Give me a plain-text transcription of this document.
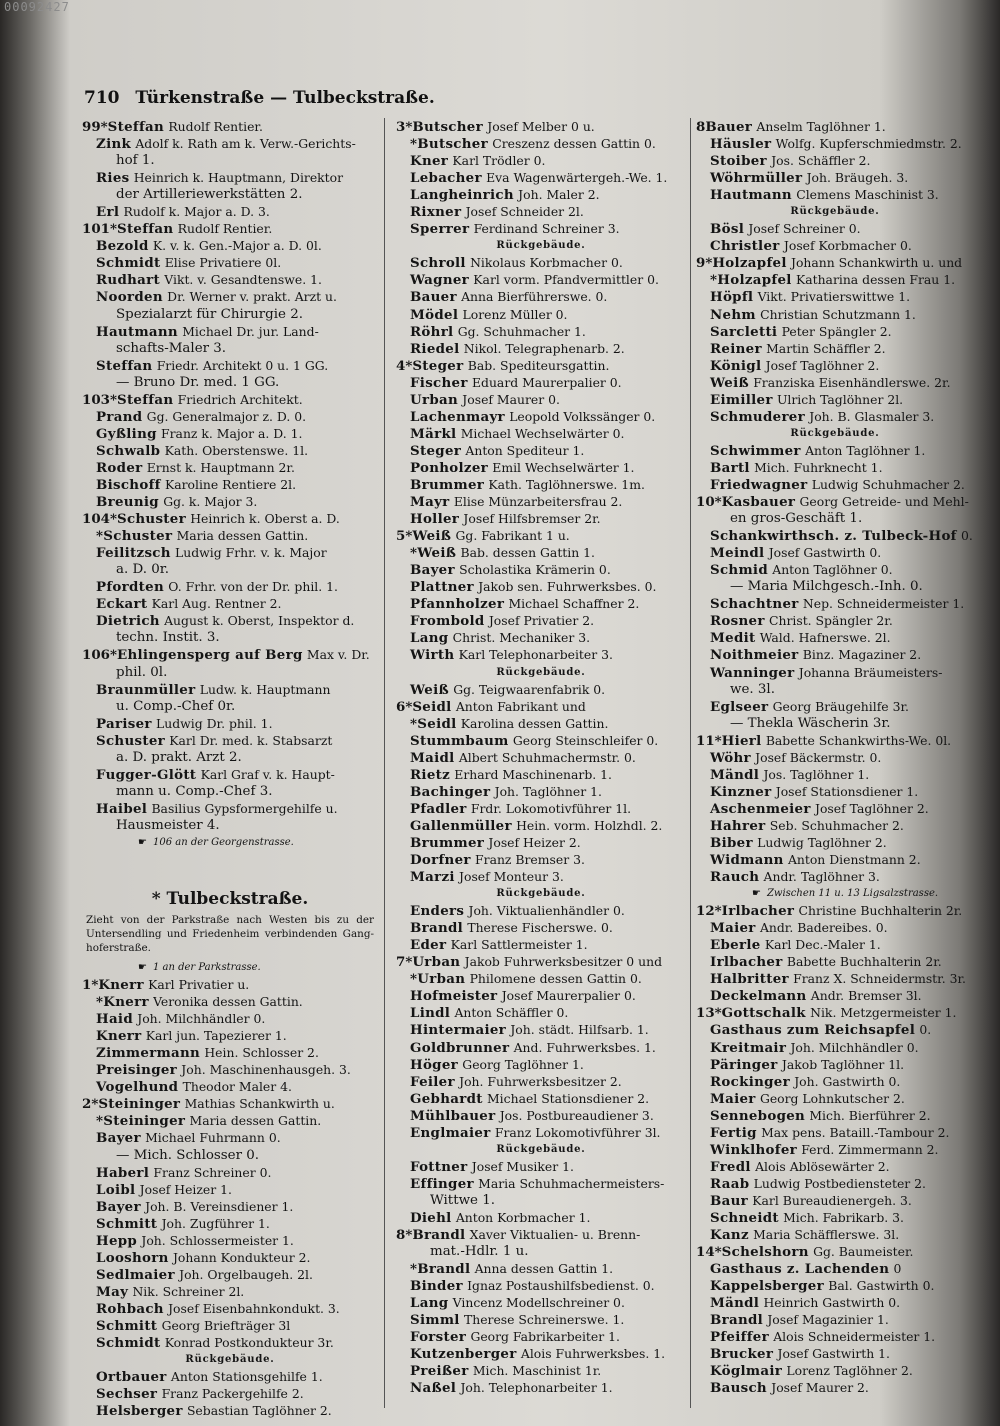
00092427
710 Türkenstraße — Tulbeckstraße.
99*Steffan Rudolf Rentier.
Zink Adolf k. Rath am k. Verw.-Gerichts-
hof 1.
Ries Heinrich k. Hauptmann, Direktor
der Artilleriewerkstätten 2.
Erl Rudolf k. Major a. D. 3.
101*Steffan Rudolf Rentier.
Bezold K. v. k. Gen.-Major a. D. 0l.
Schmidt Elise Privatiere 0l.
Rudhart Vikt. v. Gesandtenswe. 1.
Noorden Dr. Werner v. prakt. Arzt u.
Spezialarzt für Chirurgie 2.
Hautmann Michael Dr. jur. Land-
schafts-Maler 3.
Steffan Friedr. Architekt 0 u. 1 GG.
— Bruno Dr. med. 1 GG.
103*Steffan Friedrich Architekt.
Prand Gg. Generalmajor z. D. 0.
Gyßling Franz k. Major a. D. 1.
Schwalb Kath. Oberstenswe. 1l.
Roder Ernst k. Hauptmann 2r.
Bischoff Karoline Rentiere 2l.
Breunig Gg. k. Major 3.
104*Schuster Heinrich k. Oberst a. D.
*Schuster Maria dessen Gattin.
Feilitzsch Ludwig Frhr. v. k. Major
a. D. 0r.
Pfordten O. Frhr. von der Dr. phil. 1.
Eckart Karl Aug. Rentner 2.
Dietrich August k. Oberst, Inspektor d.
techn. Instit. 3.
106*Ehlingensperg auf Berg Max v. Dr.
phil. 0l.
Braunmüller Ludw. k. Hauptmann
u. Comp.-Chef 0r.
Pariser Ludwig Dr. phil. 1.
Schuster Karl Dr. med. k. Stabsarzt
a. D. prakt. Arzt 2.
Fugger-Glött Karl Graf v. k. Haupt-
mann u. Comp.-Chef 3.
Haibel Basilius Gypsformergehilfe u.
Hausmeister 4.
☛ 106 an der Georgenstrasse.
* Tulbeckstraße.
Zieht von der Parkstraße nach Westen bis zu der Untersendling und Friedenheim verbindenden Gang-hoferstraße.
☛ 1 an der Parkstrasse.
1*Knerr Karl Privatier u.
*Knerr Veronika dessen Gattin.
Haid Joh. Milchhändler 0.
Knerr Karl jun. Tapezierer 1.
Zimmermann Hein. Schlosser 2.
Preisinger Joh. Maschinenhausgeh. 3.
Vogelhund Theodor Maler 4.
2*Steininger Mathias Schankwirth u.
*Steininger Maria dessen Gattin.
Bayer Michael Fuhrmann 0.
— Mich. Schlosser 0.
Haberl Franz Schreiner 0.
Loibl Josef Heizer 1.
Bayer Joh. B. Vereinsdiener 1.
Schmitt Joh. Zugführer 1.
Hepp Joh. Schlossermeister 1.
Looshorn Johann Kondukteur 2.
Sedlmaier Joh. Orgelbaugeh. 2l.
May Nik. Schreiner 2l.
Rohbach Josef Eisenbahnkondukt. 3.
Schmitt Georg Briefträger 3l
Schmidt Konrad Postkondukteur 3r.
Rückgebäude.
Ortbauer Anton Stationsgehilfe 1.
Sechser Franz Packergehilfe 2.
Helsberger Sebastian Taglöhner 2.
3*Butscher Josef Melber 0 u.
*Butscher Creszenz dessen Gattin 0.
Kner Karl Trödler 0.
Lebacher Eva Wagenwärtergeh.-We. 1.
Langheinrich Joh. Maler 2.
Rixner Josef Schneider 2l.
Sperrer Ferdinand Schreiner 3.
Rückgebäude.
Schroll Nikolaus Korbmacher 0.
Wagner Karl vorm. Pfandvermittler 0.
Bauer Anna Bierführerswe. 0.
Mödel Lorenz Müller 0.
Röhrl Gg. Schuhmacher 1.
Riedel Nikol. Telegraphenarb. 2.
4*Steger Bab. Spediteursgattin.
Fischer Eduard Maurerpalier 0.
Urban Josef Maurer 0.
Lachenmayr Leopold Volkssänger 0.
Märkl Michael Wechselwärter 0.
Steger Anton Spediteur 1.
Ponholzer Emil Wechselwärter 1.
Brummer Kath. Taglöhnerswe. 1m.
Mayr Elise Münzarbeitersfrau 2.
Holler Josef Hilfsbremser 2r.
5*Weiß Gg. Fabrikant 1 u.
*Weiß Bab. dessen Gattin 1.
Bayer Scholastika Krämerin 0.
Plattner Jakob sen. Fuhrwerksbes. 0.
Pfannholzer Michael Schaffner 2.
Frombold Josef Privatier 2.
Lang Christ. Mechaniker 3.
Wirth Karl Telephonarbeiter 3.
Rückgebäude.
Weiß Gg. Teigwaarenfabrik 0.
6*Seidl Anton Fabrikant und
*Seidl Karolina dessen Gattin.
Stummbaum Georg Steinschleifer 0.
Maidl Albert Schuhmachermstr. 0.
Rietz Erhard Maschinenarb. 1.
Bachinger Joh. Taglöhner 1.
Pfadler Frdr. Lokomotivführer 1l.
Gallenmüller Hein. vorm. Holzhdl. 2.
Brummer Josef Heizer 2.
Dorfner Franz Bremser 3.
Marzi Josef Monteur 3.
Rückgebäude.
Enders Joh. Viktualienhändler 0.
Brandl Therese Fischerswe. 0.
Eder Karl Sattlermeister 1.
7*Urban Jakob Fuhrwerksbesitzer 0 und
*Urban Philomene dessen Gattin 0.
Hofmeister Josef Maurerpalier 0.
Lindl Anton Schäffler 0.
Hintermaier Joh. städt. Hilfsarb. 1.
Goldbrunner And. Fuhrwerksbes. 1.
Höger Georg Taglöhner 1.
Feiler Joh. Fuhrwerksbesitzer 2.
Gebhardt Michael Stationsdiener 2.
Mühlbauer Jos. Postbureaudiener 3.
Englmaier Franz Lokomotivführer 3l.
Rückgebäude.
Fottner Josef Musiker 1.
Effinger Maria Schuhmachermeisters-
Wittwe 1.
Diehl Anton Korbmacher 1.
8*Brandl Xaver Viktualien- u. Brenn-
mat.-Hdlr. 1 u.
*Brandl Anna dessen Gattin 1.
Binder Ignaz Postaushilfsbedienst. 0.
Lang Vincenz Modellschreiner 0.
Simml Therese Schreinerswe. 1.
Forster Georg Fabrikarbeiter 1.
Kutzenberger Alois Fuhrwerksbes. 1.
Preißer Mich. Maschinist 1r.
Naßel Joh. Telephonarbeiter 1.
8Bauer Anselm Taglöhner 1.
Häusler Wolfg. Kupferschmiedmstr. 2.
Stoiber Jos. Schäffler 2.
Wöhrmüller Joh. Bräugeh. 3.
Hautmann Clemens Maschinist 3.
Rückgebäude.
Bösl Josef Schreiner 0.
Christler Josef Korbmacher 0.
9*Holzapfel Johann Schankwirth u. und
*Holzapfel Katharina dessen Frau 1.
Höpfl Vikt. Privatierswittwe 1.
Nehm Christian Schutzmann 1.
Sarcletti Peter Spängler 2.
Reiner Martin Schäffler 2.
Königl Josef Taglöhner 2.
Weiß Franziska Eisenhändlerswe. 2r.
Eimiller Ulrich Taglöhner 2l.
Schmuderer Joh. B. Glasmaler 3.
Rückgebäude.
Schwimmer Anton Taglöhner 1.
Bartl Mich. Fuhrknecht 1.
Friedwagner Ludwig Schuhmacher 2.
10*Kasbauer Georg Getreide- und Mehl-
en gros-Geschäft 1.
Schankwirthsch. z. Tulbeck-Hof 0.
Meindl Josef Gastwirth 0.
Schmid Anton Taglöhner 0.
— Maria Milchgesch.-Inh. 0.
Schachtner Nep. Schneidermeister 1.
Rosner Christ. Spängler 2r.
Medit Wald. Hafnerswe. 2l.
Noithmeier Binz. Magaziner 2.
Wanninger Johanna Bräumeisters-
we. 3l.
Eglseer Georg Bräugehilfe 3r.
— Thekla Wäscherin 3r.
11*Hierl Babette Schankwirths-We. 0l.
Wöhr Josef Bäckermstr. 0.
Mändl Jos. Taglöhner 1.
Kinzner Josef Stationsdiener 1.
Aschenmeier Josef Taglöhner 2.
Hahrer Seb. Schuhmacher 2.
Biber Ludwig Taglöhner 2.
Widmann Anton Dienstmann 2.
Rauch Andr. Taglöhner 3.
☛ Zwischen 11 u. 13 Ligsalzstrasse.
12*Irlbacher Christine Buchhalterin 2r.
Maier Andr. Badereibes. 0.
Eberle Karl Dec.-Maler 1.
Irlbacher Babette Buchhalterin 2r.
Halbritter Franz X. Schneidermstr. 3r.
Deckelmann Andr. Bremser 3l.
13*Gottschalk Nik. Metzgermeister 1.
Gasthaus zum Reichsapfel 0.
Kreitmair Joh. Milchhändler 0.
Päringer Jakob Taglöhner 1l.
Rockinger Joh. Gastwirth 0.
Maier Georg Lohnkutscher 2.
Sennebogen Mich. Bierführer 2.
Fertig Max pens. Bataill.-Tambour 2.
Winklhofer Ferd. Zimmermann 2.
Fredl Alois Ablösewärter 2.
Raab Ludwig Postbediensteter 2.
Baur Karl Bureaudienergeh. 3.
Schneidt Mich. Fabrikarb. 3.
Kanz Maria Schäfflerswe. 3l.
14*Schelshorn Gg. Baumeister.
Gasthaus z. Lachenden 0
Kappelsberger Bal. Gastwirth 0.
Mändl Heinrich Gastwirth 0.
Brandl Josef Magazinier 1.
Pfeiffer Alois Schneidermeister 1.
Brucker Josef Gastwirth 1.
Köglmair Lorenz Taglöhner 2.
Bausch Josef Maurer 2.
